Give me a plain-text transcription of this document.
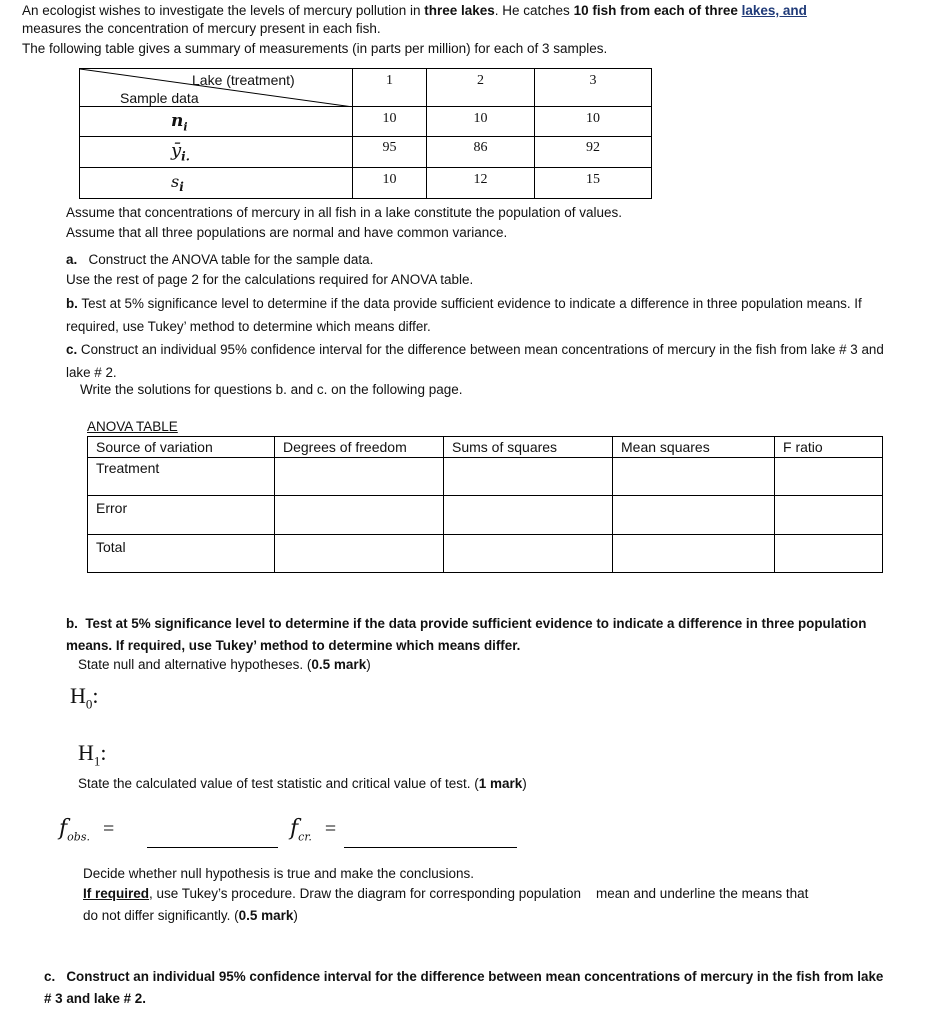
An ecologist wishes to investigate the levels of mercury pollution in three lakes. He catches 10 fish from each of three lakes, and
measures the concentration of mercury present in each fish.
The following table gives a summary of measurements (in parts per million) for each of 3 samples.
Lake (treatment)
Sample data	1	2	3

$n_i$	10	10	10

$ȳ_{i.}$	95	86	92

$s_i$	10	12	15
Assume that concentrations of mercury in all fish in a lake constitute the population of values.
Assume that all three populations are normal and have common variance.
a. Construct the ANOVA table for the sample data.
Use the rest of page 2 for the calculations required for ANOVA table.
b. Test at 5% significance level to determine if the data provide sufficient evidence to indicate a difference in three population means. If required, use Tukey’ method to determine which means differ.
c. Construct an individual 95% confidence interval for the difference between mean concentrations of mercury in the fish from lake # 3 and lake # 2.
Write the solutions for questions b. and c. on the following page.
ANOVA TABLE
Source of variation	Degrees of freedom	Sums of squares	Mean squares	F ratio
Treatment				
Error				
Total				
b. Test at 5% significance level to determine if the data provide sufficient evidence to indicate a difference in three population means. If required, use Tukey’ method to determine which means differ.
State null and alternative hypotheses. (0.5 mark)
$H_0$:
$H_1$:
State the calculated value of test statistic and critical value of test. (1 mark)
$f_{obs.}$ =	$f_{cr.}$ =
Decide whether null hypothesis is true and make the conclusions.
If required, use Tukey’s procedure. Draw the diagram for corresponding population    mean and underline the means that
do not differ significantly. (0.5 mark)
c. Construct an individual 95% confidence interval for the difference between mean concentrations of mercury in the fish from lake # 3 and lake # 2.
